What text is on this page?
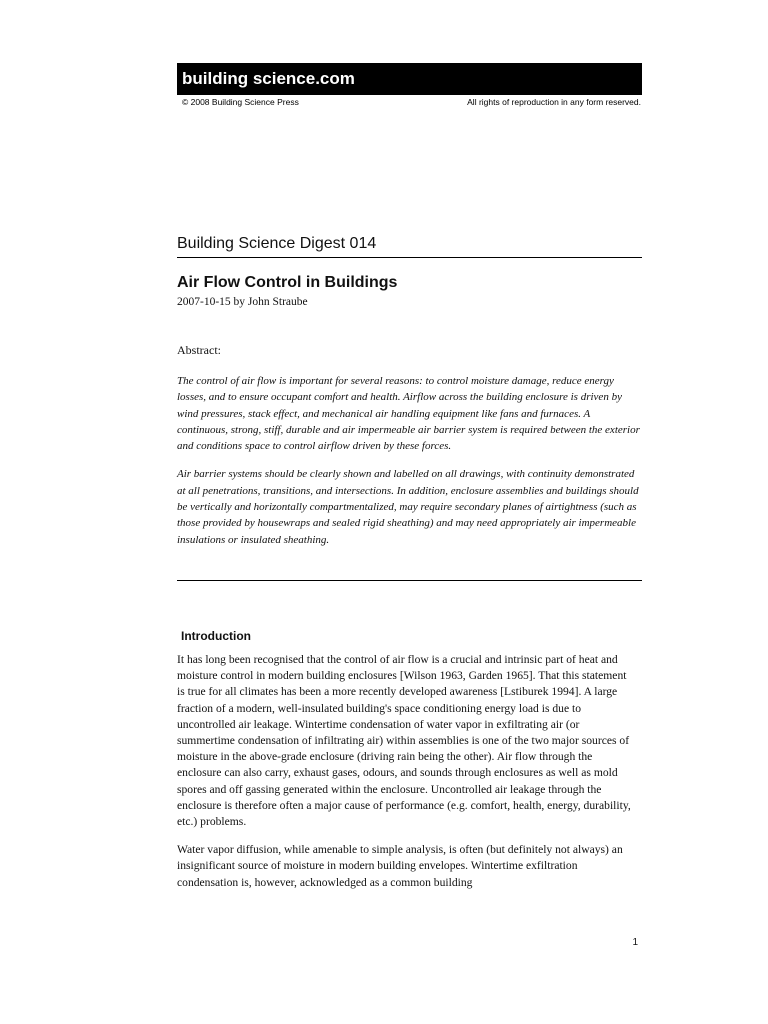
building science.com
© 2008 Building Science Press	All rights of reproduction in any form reserved.
Building Science Digest 014
Air Flow Control in Buildings
2007-10-15 by John Straube
Abstract:

The control of air flow is important for several reasons: to control moisture damage, reduce energy losses, and to ensure occupant comfort and health. Airflow across the building enclosure is driven by wind pressures, stack effect, and mechanical air handling equipment like fans and furnaces. A continuous, strong, stiff, durable and air impermeable air barrier system is required between the exterior and conditions space to control airflow driven by these forces.

Air barrier systems should be clearly shown and labelled on all drawings, with continuity demonstrated at all penetrations, transitions, and intersections. In addition, enclosure assemblies and buildings should be vertically and horizontally compartmentalized, may require secondary planes of airtightness (such as those provided by housewraps and sealed rigid sheathing) and may need appropriately air impermeable insulations or insulated sheathing.

Introduction

It has long been recognised that the control of air flow is a crucial and intrinsic part of heat and moisture control in modern building enclosures [Wilson 1963, Garden 1965]. That this statement is true for all climates has been a more recently developed awareness [Lstiburek 1994]. A large fraction of a modern, well-insulated building's space conditioning energy load is due to uncontrolled air leakage. Wintertime condensation of water vapor in exfiltrating air (or summertime condensation of infiltrating air) within assemblies is one of the two major sources of moisture in the above-grade enclosure (driving rain being the other). Air flow through the enclosure can also carry, exhaust gases, odours, and sounds through enclosures as well as mold spores and off gassing generated within the enclosure. Uncontrolled air leakage through the enclosure is therefore often a major cause of performance (e.g. comfort, health, energy, durability, etc.) problems.

Water vapor diffusion, while amenable to simple analysis, is often (but definitely not always) an insignificant source of moisture in modern building envelopes. Wintertime exfiltration condensation is, however, acknowledged as a common building

1
